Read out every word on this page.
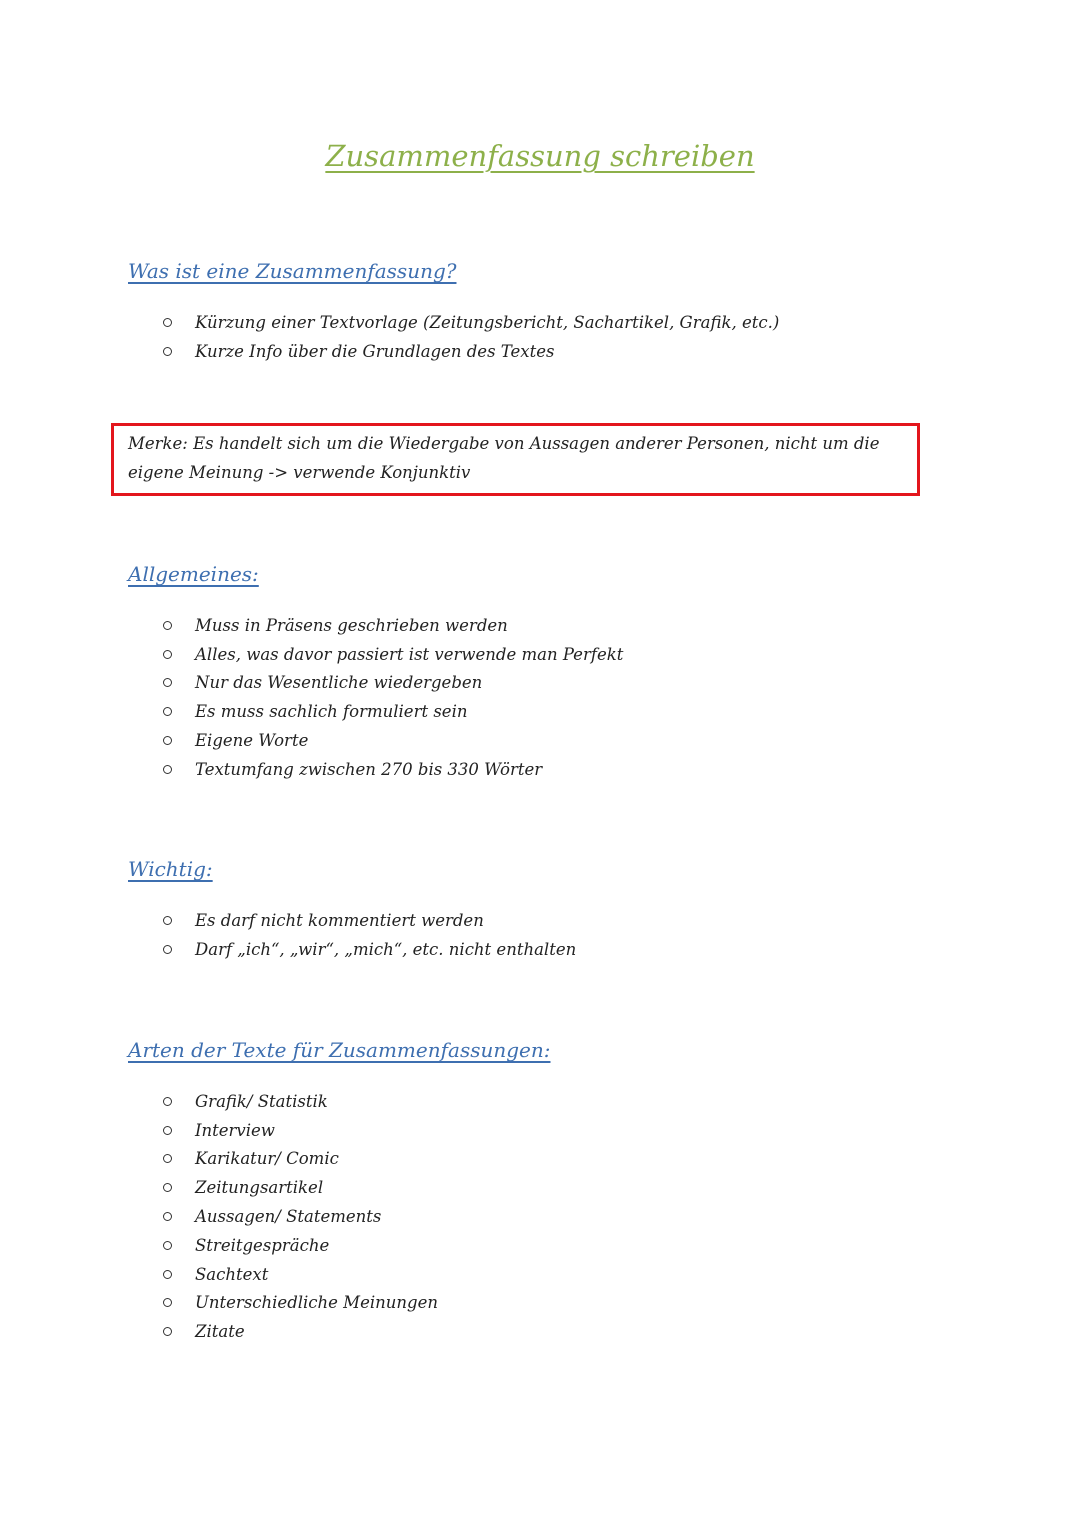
Zusammenfassung schreiben
Was ist eine Zusammenfassung?
Kürzung einer Textvorlage (Zeitungsbericht, Sachartikel, Grafik, etc.)
Kurze Info über die Grundlagen des Textes
Merke: Es handelt sich um die Wiedergabe von Aussagen anderer Personen, nicht um die eigene Meinung -> verwende Konjunktiv
Allgemeines:
Muss in Präsens geschrieben werden
Alles, was davor passiert ist verwende man Perfekt
Nur das Wesentliche wiedergeben
Es muss sachlich formuliert sein
Eigene Worte
Textumfang zwischen 270 bis 330 Wörter
Wichtig:
Es darf nicht kommentiert werden
Darf „ich“, „wir“, „mich“, etc. nicht enthalten
Arten der Texte für Zusammenfassungen:
Grafik/ Statistik
Interview
Karikatur/ Comic
Zeitungsartikel
Aussagen/ Statements
Streitgespräche
Sachtext
Unterschiedliche Meinungen
Zitate
